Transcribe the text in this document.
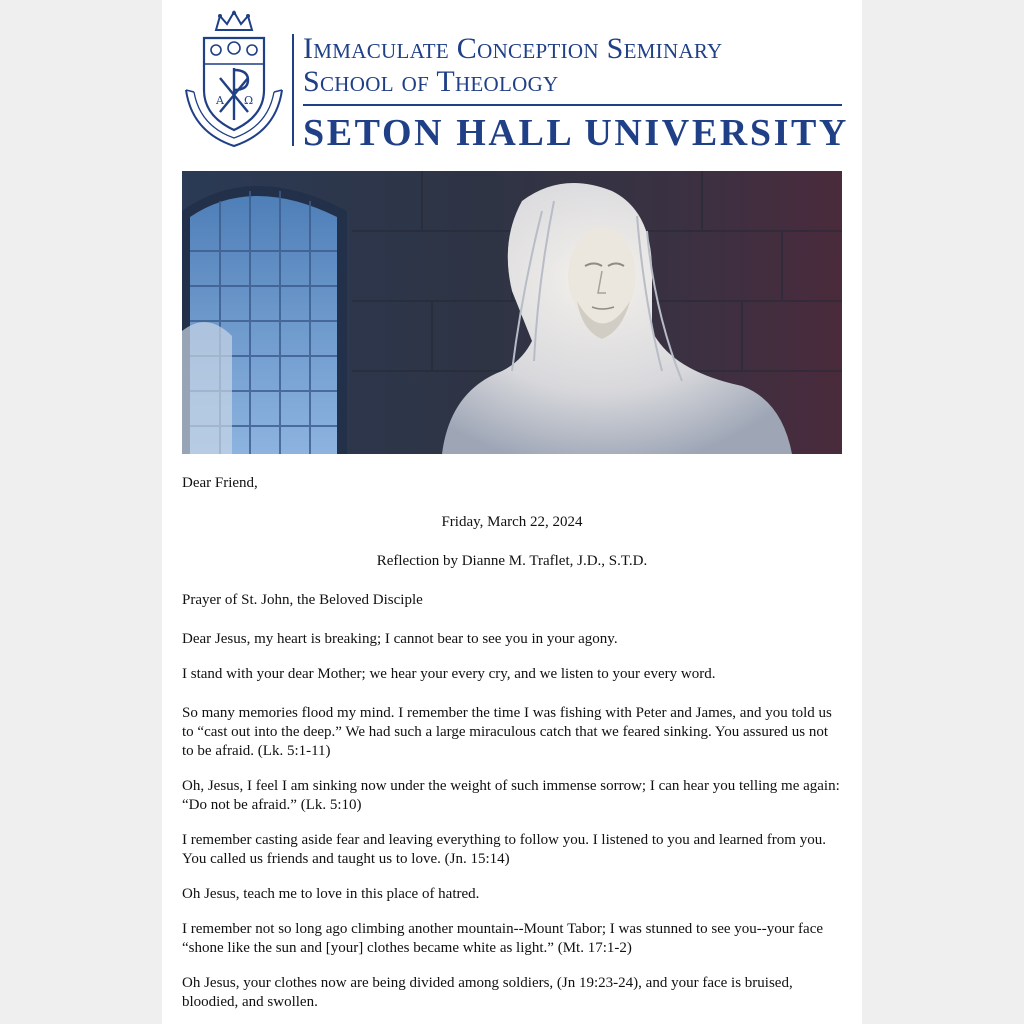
A Ω
Immaculate Conception Seminary
School of Theology
SETON HALL UNIVERSITY

Dear Friend,

Friday, March 22, 2024

Reflection by Dianne M. Traflet, J.D., S.T.D.

Prayer of St. John, the Beloved Disciple

Dear Jesus, my heart is breaking; I cannot bear to see you in your agony.

I stand with your dear Mother; we hear your every cry, and we listen to your every word.

So many memories flood my mind. I remember the time I was fishing with Peter and James, and you told us to “cast out into the deep.” We had such a large miraculous catch that we feared sinking. You assured us not to be afraid. (Lk. 5:1-11)

Oh, Jesus, I feel I am sinking now under the weight of such immense sorrow; I can hear you telling me again: “Do not be afraid.” (Lk. 5:10)

I remember casting aside fear and leaving everything to follow you. I listened to you and learned from you. You called us friends and taught us to love. (Jn. 15:14)

Oh Jesus, teach me to love in this place of hatred.

I remember not so long ago climbing another mountain--Mount Tabor; I was stunned to see you--your face “shone like the sun and [your] clothes became white as light.” (Mt. 17:1-2)

Oh Jesus, your clothes now are being divided among soldiers, (Jn 19:23-24), and your face is bruised, bloodied, and swollen.
